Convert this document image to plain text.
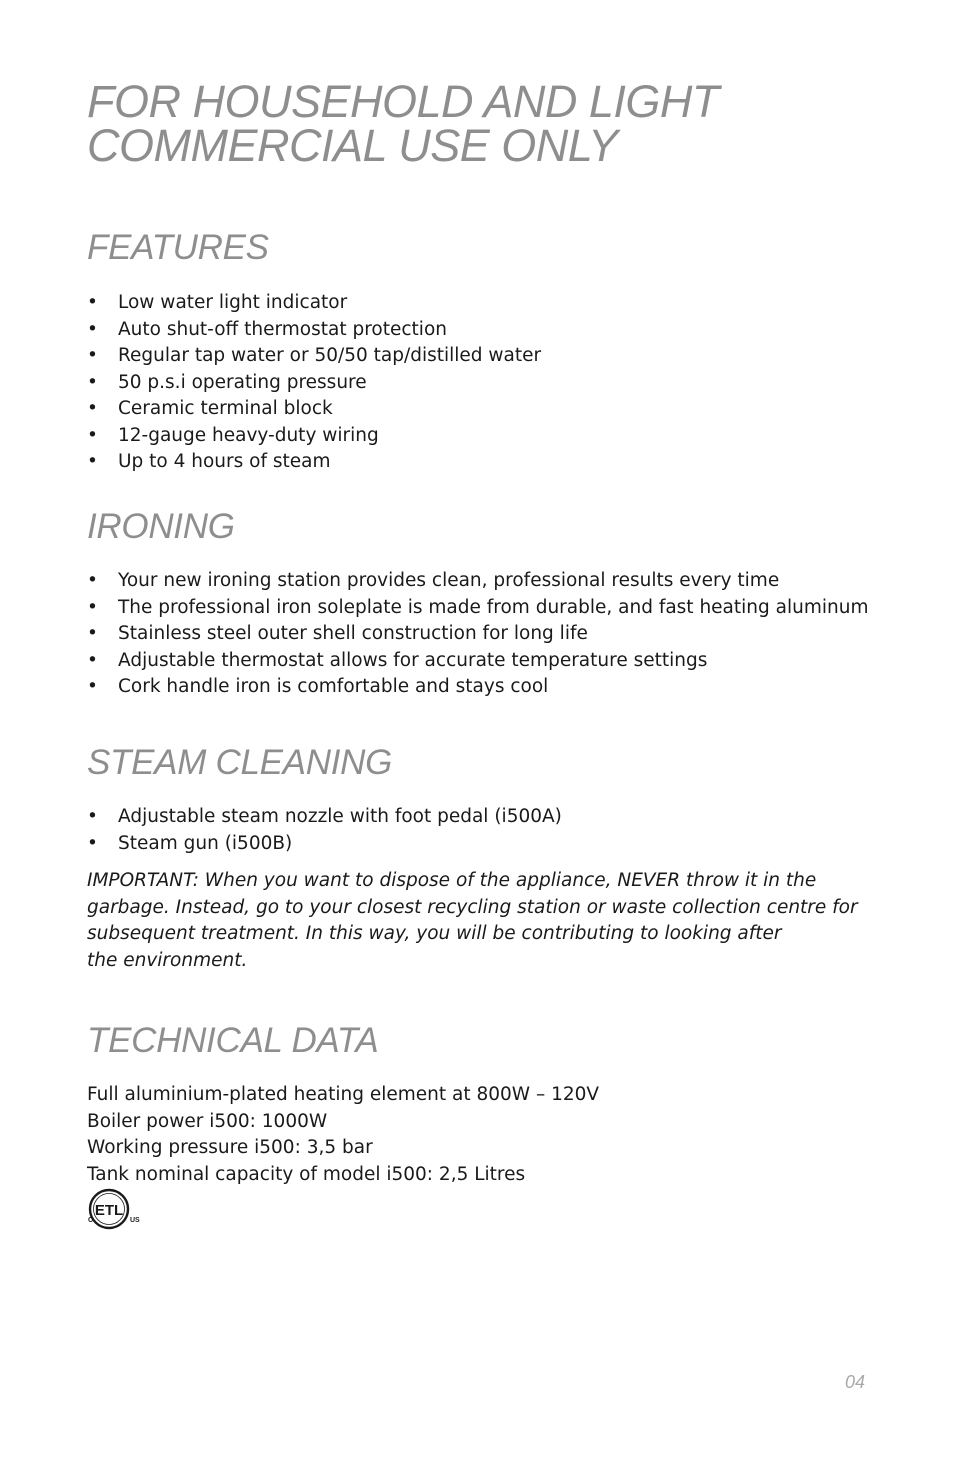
FOR HOUSEHOLD AND LIGHT
COMMERCIAL USE ONLY
FEATURES
• Low water light indicator
• Auto shut-off thermostat protection
• Regular tap water or 50/50 tap/distilled water
• 50 p.s.i operating pressure
• Ceramic terminal block
• 12-gauge heavy-duty wiring
• Up to 4 hours of steam
IRONING
• Your new ironing station provides clean, professional results every time
• The professional iron soleplate is made from durable, and fast heating aluminum
• Stainless steel outer shell construction for long life
• Adjustable thermostat allows for accurate temperature settings
• Cork handle iron is comfortable and stays cool
STEAM CLEANING
• Adjustable steam nozzle with foot pedal (i500A)
• Steam gun (i500B)
IMPORTANT: When you want to dispose of the appliance, NEVER throw it in the
garbage. Instead, go to your closest recycling station or waste collection centre for
subsequent treatment. In this way, you will be contributing to looking after
the environment.
TECHNICAL DATA

Full aluminium-plated heating element at 800W – 120V

Boiler power i500: 1000W

Working pressure i500: 3,5 bar

Tank nominal capacity of model i500: 2,5 Litres

ETL
C	US
04
